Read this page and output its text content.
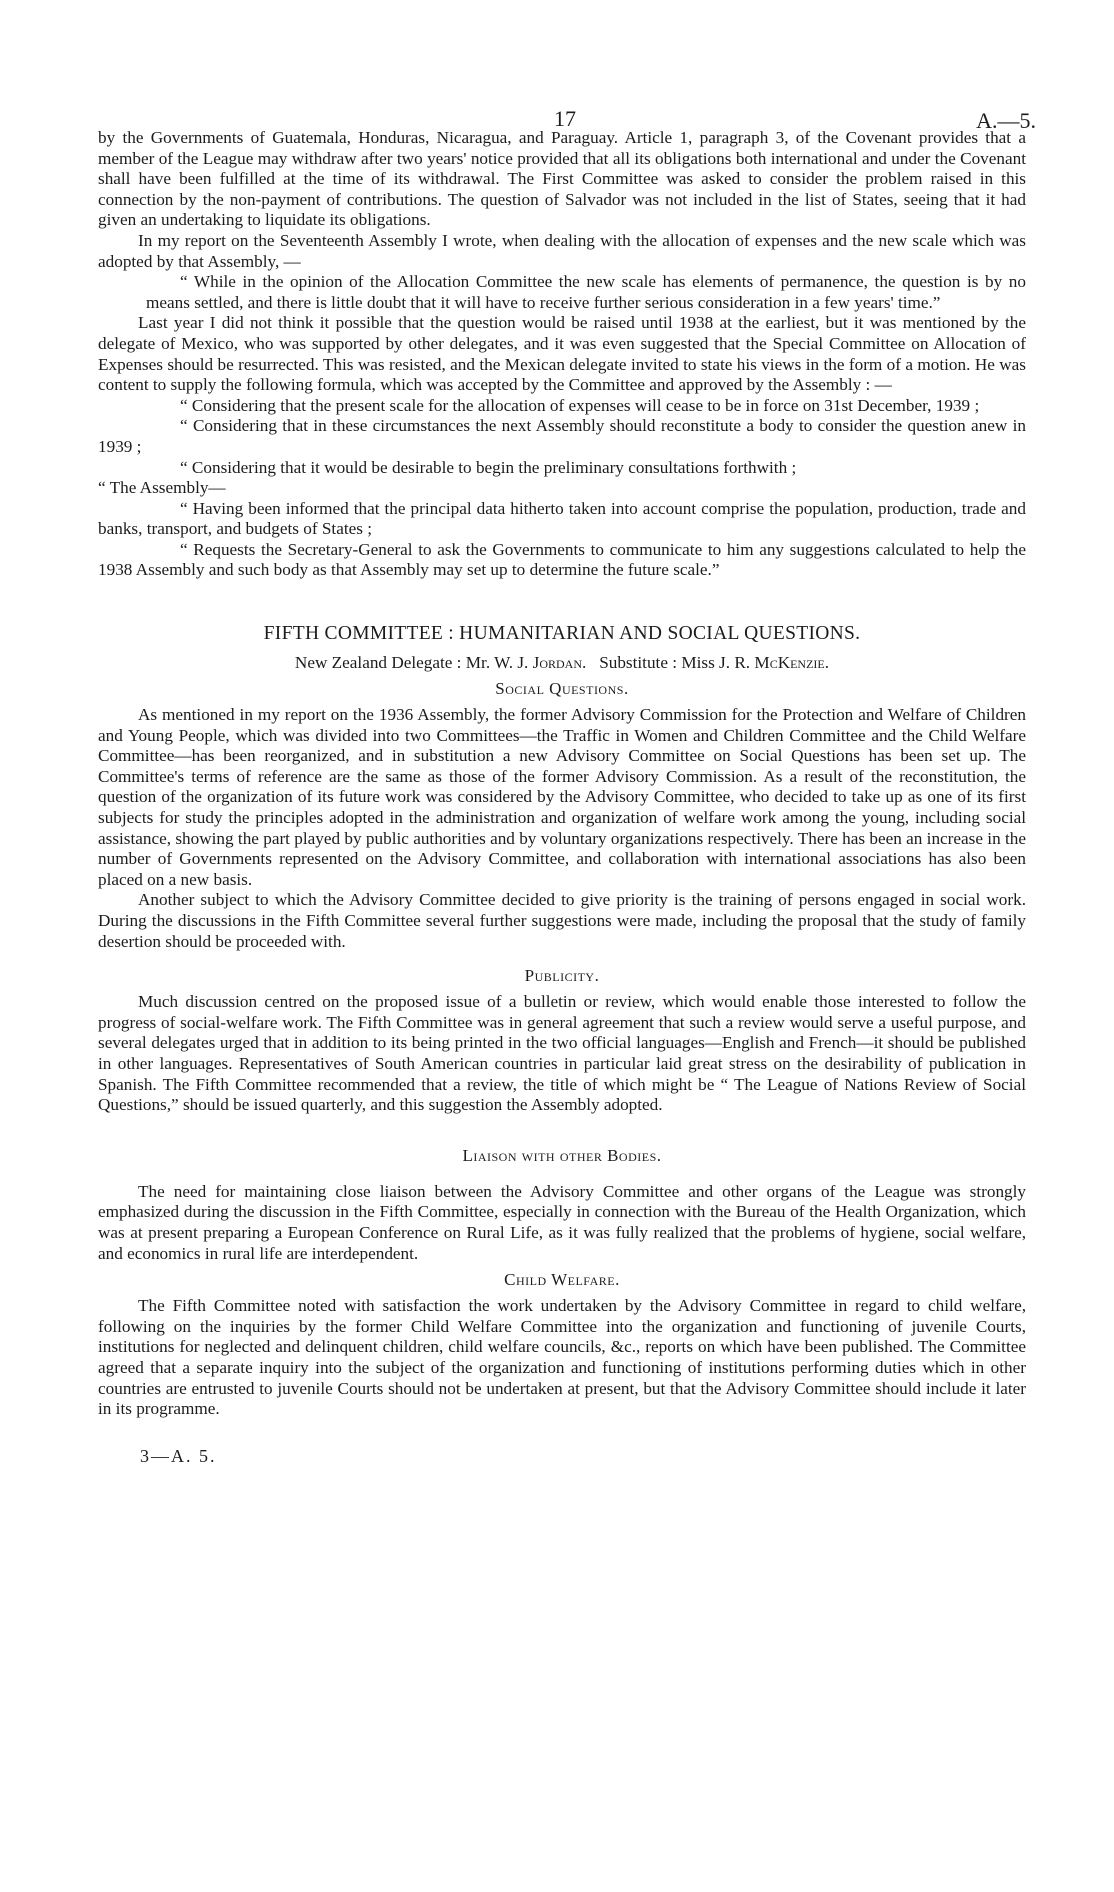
17	A.—5.

by the Governments of Guatemala, Honduras, Nicaragua, and Paraguay. Article 1, paragraph 3, of the Covenant provides that a member of the League may withdraw after two years' notice provided that all its obligations both international and under the Covenant shall have been fulfilled at the time of its withdrawal. The First Committee was asked to consider the problem raised in this connection by the non-payment of contributions. The question of Salvador was not included in the list of States, seeing that it had given an undertaking to liquidate its obligations.

In my report on the Seventeenth Assembly I wrote, when dealing with the allocation of expenses and the new scale which was adopted by that Assembly, —

“ While in the opinion of the Allocation Committee the new scale has elements of permanence, the question is by no means settled, and there is little doubt that it will have to receive further serious consideration in a few years' time.”

Last year I did not think it possible that the question would be raised until 1938 at the earliest, but it was mentioned by the delegate of Mexico, who was supported by other delegates, and it was even suggested that the Special Committee on Allocation of Expenses should be resurrected. This was resisted, and the Mexican delegate invited to state his views in the form of a motion. He was content to supply the following formula, which was accepted by the Committee and approved by the Assembly : —

“ Considering that the present scale for the allocation of expenses will cease to be in force on 31st December, 1939 ;

“ Considering that in these circumstances the next Assembly should reconstitute a body to consider the question anew in 1939 ;

“ Considering that it would be desirable to begin the preliminary consultations forthwith ;

“ The Assembly—

“ Having been informed that the principal data hitherto taken into account comprise the population, production, trade and banks, transport, and budgets of States ;

“ Requests the Secretary-General to ask the Governments to communicate to him any suggestions calculated to help the 1938 Assembly and such body as that Assembly may set up to determine the future scale.”

FIFTH COMMITTEE : HUMANITARIAN AND SOCIAL QUESTIONS.
New Zealand Delegate : Mr. W. J. Jordan. Substitute : Miss J. R. McKenzie.
Social Questions.

As mentioned in my report on the 1936 Assembly, the former Advisory Commission for the Protection and Welfare of Children and Young People, which was divided into two Committees—the Traffic in Women and Children Committee and the Child Welfare Committee—has been reorganized, and in substitution a new Advisory Committee on Social Questions has been set up. The Committee's terms of reference are the same as those of the former Advisory Commission. As a result of the reconstitution, the question of the organization of its future work was considered by the Advisory Committee, who decided to take up as one of its first subjects for study the principles adopted in the administration and organization of welfare work among the young, including social assistance, showing the part played by public authorities and by voluntary organizations respectively. There has been an increase in the number of Governments represented on the Advisory Committee, and collaboration with international associations has also been placed on a new basis.

Another subject to which the Advisory Committee decided to give priority is the training of persons engaged in social work. During the discussions in the Fifth Committee several further suggestions were made, including the proposal that the study of family desertion should be proceeded with.

Publicity.

Much discussion centred on the proposed issue of a bulletin or review, which would enable those interested to follow the progress of social-welfare work. The Fifth Committee was in general agreement that such a review would serve a useful purpose, and several delegates urged that in addition to its being printed in the two official languages—English and French—it should be published in other languages. Representatives of South American countries in particular laid great stress on the desirability of publication in Spanish. The Fifth Committee recommended that a review, the title of which might be “ The League of Nations Review of Social Questions,” should be issued quarterly, and this suggestion the Assembly adopted.

Liaison with other Bodies.

The need for maintaining close liaison between the Advisory Committee and other organs of the League was strongly emphasized during the discussion in the Fifth Committee, especially in connection with the Bureau of the Health Organization, which was at present preparing a European Conference on Rural Life, as it was fully realized that the problems of hygiene, social welfare, and economics in rural life are interdependent.

Child Welfare.

The Fifth Committee noted with satisfaction the work undertaken by the Advisory Committee in regard to child welfare, following on the inquiries by the former Child Welfare Committee into the organization and functioning of juvenile Courts, institutions for neglected and delinquent children, child welfare councils, &c., reports on which have been published. The Committee agreed that a separate inquiry into the subject of the organization and functioning of institutions performing duties which in other countries are entrusted to juvenile Courts should not be undertaken at present, but that the Advisory Committee should include it later in its programme.

3—A. 5.
